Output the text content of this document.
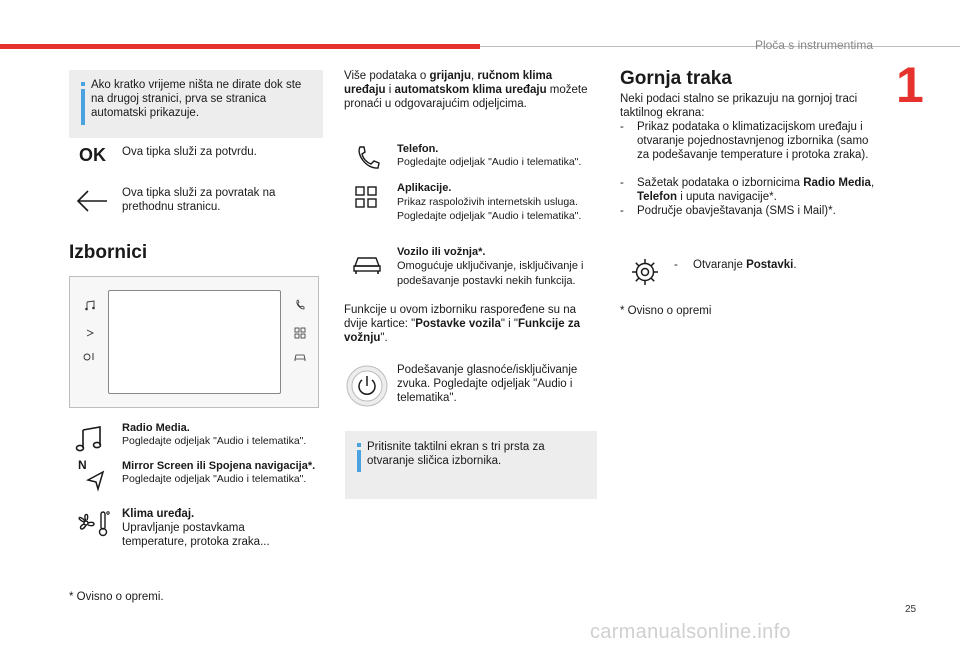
Ploča s instrumentima
1
Ako kratko vrijeme ništa ne dirate dok ste na drugoj stranici, prva se stranica automatski prikazuje.
OK Ova tipka služi za potvrdu.
Ova tipka služi za povratak na prethodnu stranicu.
Izbornici
Radio Media.
Pogledajte odjeljak "Audio i telematika".
N	Mirror Screen ili Spojena navigacija*.
Pogledajte odjeljak "Audio i telematika".
Klima uređaj.
Upravljanje postavkama temperature, protoka zraka...
* Ovisno o opremi.
Više podataka o grijanju, ručnom klima uređaju i automatskom klima uređaju možete pronaći u odgovarajućim odjeljcima.
Telefon.
Pogledajte odjeljak "Audio i telematika".
Aplikacije.
Prikaz raspoloživih internetskih usluga. Pogledajte odjeljak "Audio i telematika".
Vozilo ili vožnja*.
Omogućuje uključivanje, isključivanje i podešavanje postavki nekih funkcija.
Funkcije u ovom izborniku raspoređene su na dvije kartice: "Postavke vozila" i "Funkcije za vožnju".
Podešavanje glasnoće/isključivanje zvuka. Pogledajte odjeljak "Audio i telematika".
Pritisnite taktilni ekran s tri prsta za otvaranje sličica izbornika.
Gornja traka
Neki podaci stalno se prikazuju na gornjoj traci taktilnog ekrana:
- Prikaz podataka o klimatizacijskom uređaju i otvaranje pojednostavnjenog izbornika (samo za podešavanje temperature i protoka zraka).
- Sažetak podataka o izbornicima Radio Media, Telefon i uputa navigacije*.
- Područje obavještavanja (SMS i Mail)*.
- Otvaranje Postavki.
* Ovisno o opremi
25
carmanualsonline.info
